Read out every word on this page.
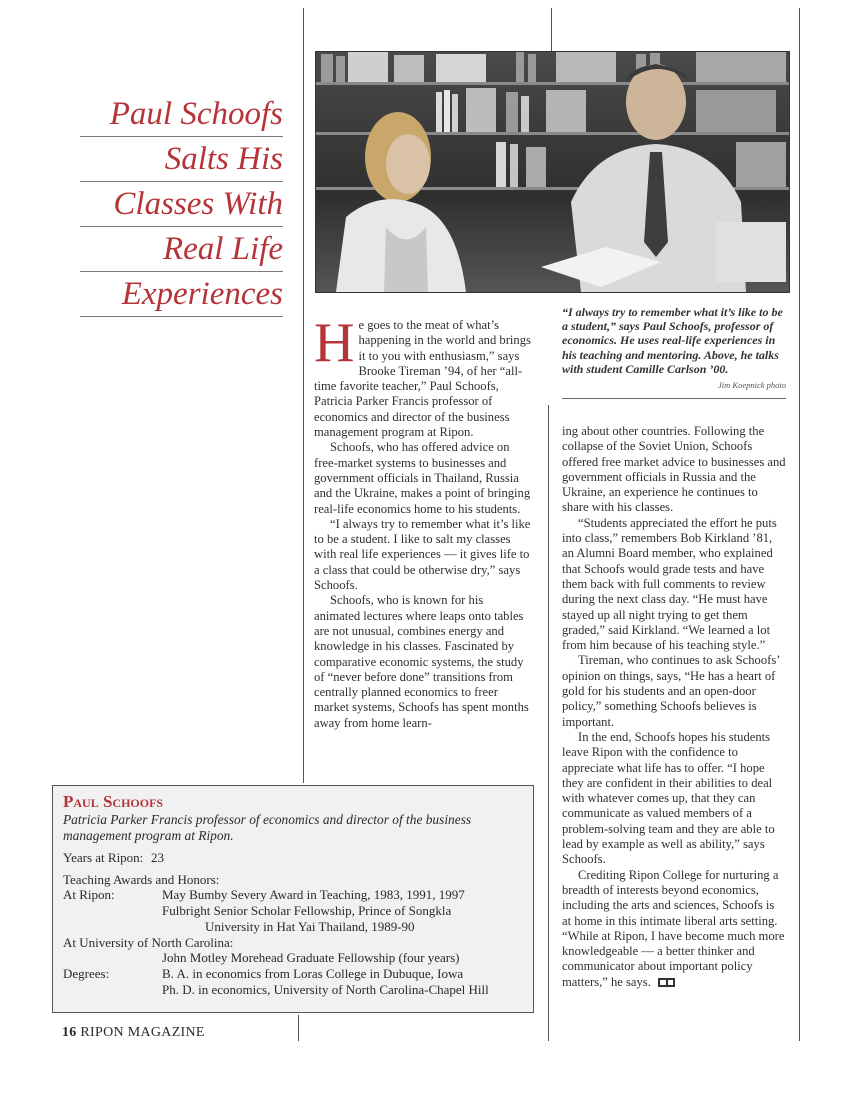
Paul Schoofs
Salts His
Classes With
Real Life
Experiences	“I always try to remember what it’s like to be a student,” says Paul Schoofs, professor of economics. He uses real-life experiences in his teaching and mentoring. Above, he talks with student Camille Carlson ’00.
Jim Koepnick photo

He goes to the meat of what’s happening in the world and brings it to you with enthusiasm,” says Brooke Tireman ’94, of her “all-time favorite teacher,” Paul Schoofs, Patricia Parker Francis professor of economics and director of the business management program at Ripon.

Schoofs, who has offered advice on free-market systems to businesses and government officials in Thailand, Russia and the Ukraine, makes a point of bringing real-life economics home to his students.

“I always try to remember what it’s like to be a student. I like to salt my classes with real life experiences — it gives life to a class that could be otherwise dry,” says Schoofs.

Schoofs, who is known for his animated lectures where leaps onto tables are not unusual, combines energy and knowledge in his classes. Fascinated by comparative economic systems, the study of “never before done” transitions from centrally planned economics to freer market systems, Schoofs has spent months away from home learn-

ing about other countries. Following the collapse of the Soviet Union, Schoofs offered free market advice to businesses and government officials in Russia and the Ukraine, an experience he continues to share with his classes.

“Students appreciated the effort he puts into class,” remembers Bob Kirkland ’81, an Alumni Board member, who explained that Schoofs would grade tests and have them back with full comments to review during the next class day. “He must have stayed up all night trying to get them graded,” said Kirkland. “We learned a lot from him because of his teaching style.”

Tireman, who continues to ask Schoofs’ opinion on things, says, “He has a heart of gold for his students and an open-door policy,” something Schoofs believes is important.

In the end, Schoofs hopes his students leave Ripon with the confidence to appreciate what life has to offer. “I hope they are confident in their abilities to deal with whatever comes up, that they can communicate as valued members of a problem-solving team and they are able to lead by example as well as ability,” says Schoofs.

Crediting Ripon College for nurturing a breadth of interests beyond economics, including the arts and sciences, Schoofs is at home in this intimate liberal arts setting. “While at Ripon, I have become much more knowledgeable — a better thinker and communicator about important policy matters,” he says.

Paul Schoofs
Patricia Parker Francis professor of economics and director of the business management program at Ripon.
Years at Ripon: 23
Teaching Awards and Honors:
At Ripon:	May Bumby Severy Award in Teaching, 1983, 1991, 1997
Fulbright Senior Scholar Fellowship, Prince of Songkla
University in Hat Yai Thailand, 1989-90
At University of North Carolina:
John Motley Morehead Graduate Fellowship (four years)
Degrees:	B. A. in economics from Loras College in Dubuque, Iowa
Ph. D. in economics, University of North Carolina-Chapel Hill
16 RIPON MAGAZINE
